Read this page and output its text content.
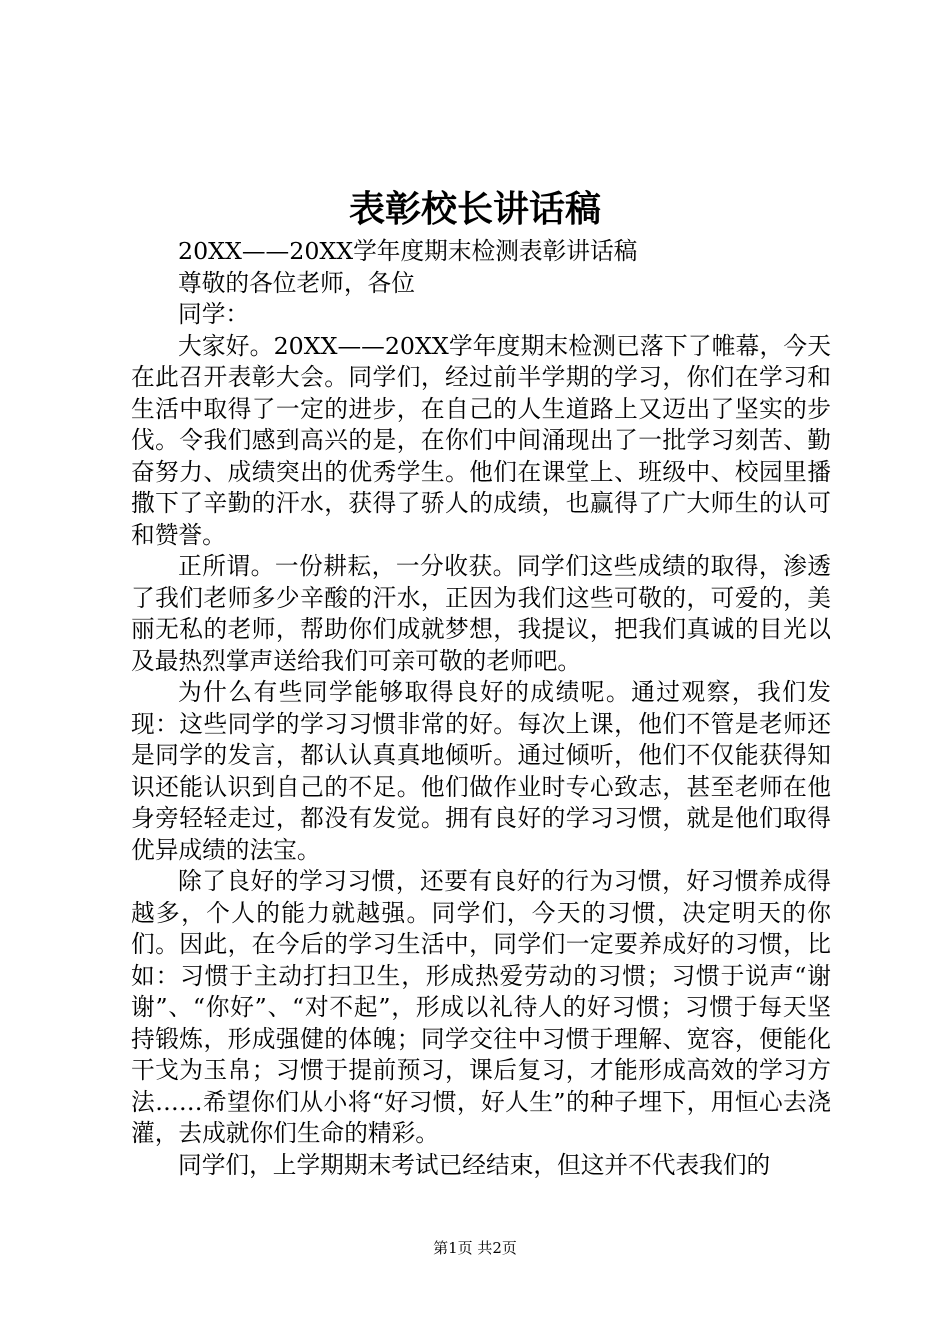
表彰校长讲话稿

20XX——20XX学年度期末检测表彰讲话稿

尊敬的各位老师，各位

同学：

大家好。20XX——20XX学年度期末检测已落下了帷幕，今天在此召开表彰大会。同学们，经过前半学期的学习，你们在学习和生活中取得了一定的进步，在自己的人生道路上又迈出了坚实的步伐。令我们感到高兴的是，在你们中间涌现出了一批学习刻苦、勤奋努力、成绩突出的优秀学生。他们在课堂上、班级中、校园里播撒下了辛勤的汗水，获得了骄人的成绩，也赢得了广大师生的认可和赞誉。

正所谓。一份耕耘，一分收获。同学们这些成绩的取得，渗透了我们老师多少辛酸的汗水，正因为我们这些可敬的，可爱的，美丽无私的老师，帮助你们成就梦想，我提议，把我们真诚的目光以及最热烈掌声送给我们可亲可敬的老师吧。

为什么有些同学能够取得良好的成绩呢。通过观察，我们发现：这些同学的学习习惯非常的好。每次上课，他们不管是老师还是同学的发言，都认认真真地倾听。通过倾听，他们不仅能获得知识还能认识到自己的不足。他们做作业时专心致志，甚至老师在他身旁轻轻走过，都没有发觉。拥有良好的学习习惯，就是他们取得优异成绩的法宝。

除了良好的学习习惯，还要有良好的行为习惯，好习惯养成得越多，个人的能力就越强。同学们，今天的习惯，决定明天的你们。因此，在今后的学习生活中，同学们一定要养成好的习惯，比如：习惯于主动打扫卫生，形成热爱劳动的习惯；习惯于说声“谢谢”、“你好”、“对不起”，形成以礼待人的好习惯；习惯于每天坚持锻炼，形成强健的体魄；同学交往中习惯于理解、宽容，便能化干戈为玉帛；习惯于提前预习，课后复习，才能形成高效的学习方法……希望你们从小将“好习惯，好人生”的种子埋下，用恒心去浇灌，去成就你们生命的精彩。

同学们，上学期期末考试已经结束，但这并不代表我们的

第1页 共2页
